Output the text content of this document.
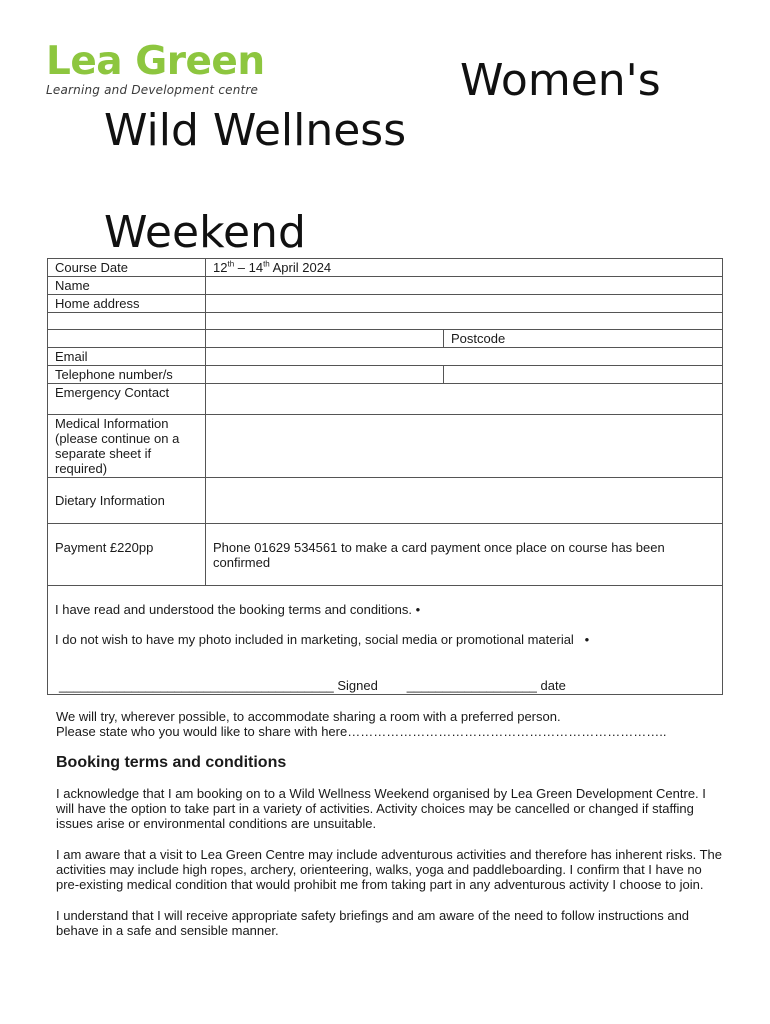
Lea Green
Learning and Development centre	Women's
Wild Wellness
Weekend
Course Date	12th – 14th April 2024	
Name		
Home address		

		Postcode
Email		
Telephone number/s		
Emergency Contact		
Medical Information (please continue on a separate sheet if required)		
Dietary Information		
Payment £220pp	Phone 01629 534561 to make a card payment once place on course has been confirmed	

I have read and understood the booking terms and conditions. •
I do not wish to have my photo included in marketing, social media or promotional material •
______________________________________ Signed __________________ date		

We will try, wherever possible, to accommodate sharing a room with a preferred person.

Please state who you would like to share with here………………………………………………………………..

Booking terms and conditions

I acknowledge that I am booking on to a Wild Wellness Weekend organised by Lea Green Development Centre. I will have the option to take part in a variety of activities. Activity choices may be cancelled or changed if staffing issues arise or environmental conditions are unsuitable.

I am aware that a visit to Lea Green Centre may include adventurous activities and therefore has inherent risks. The activities may include high ropes, archery, orienteering, walks, yoga and paddleboarding. I confirm that I have no pre-existing medical condition that would prohibit me from taking part in any adventurous activity I choose to join.

I understand that I will receive appropriate safety briefings and am aware of the need to follow instructions and behave in a safe and sensible manner.
